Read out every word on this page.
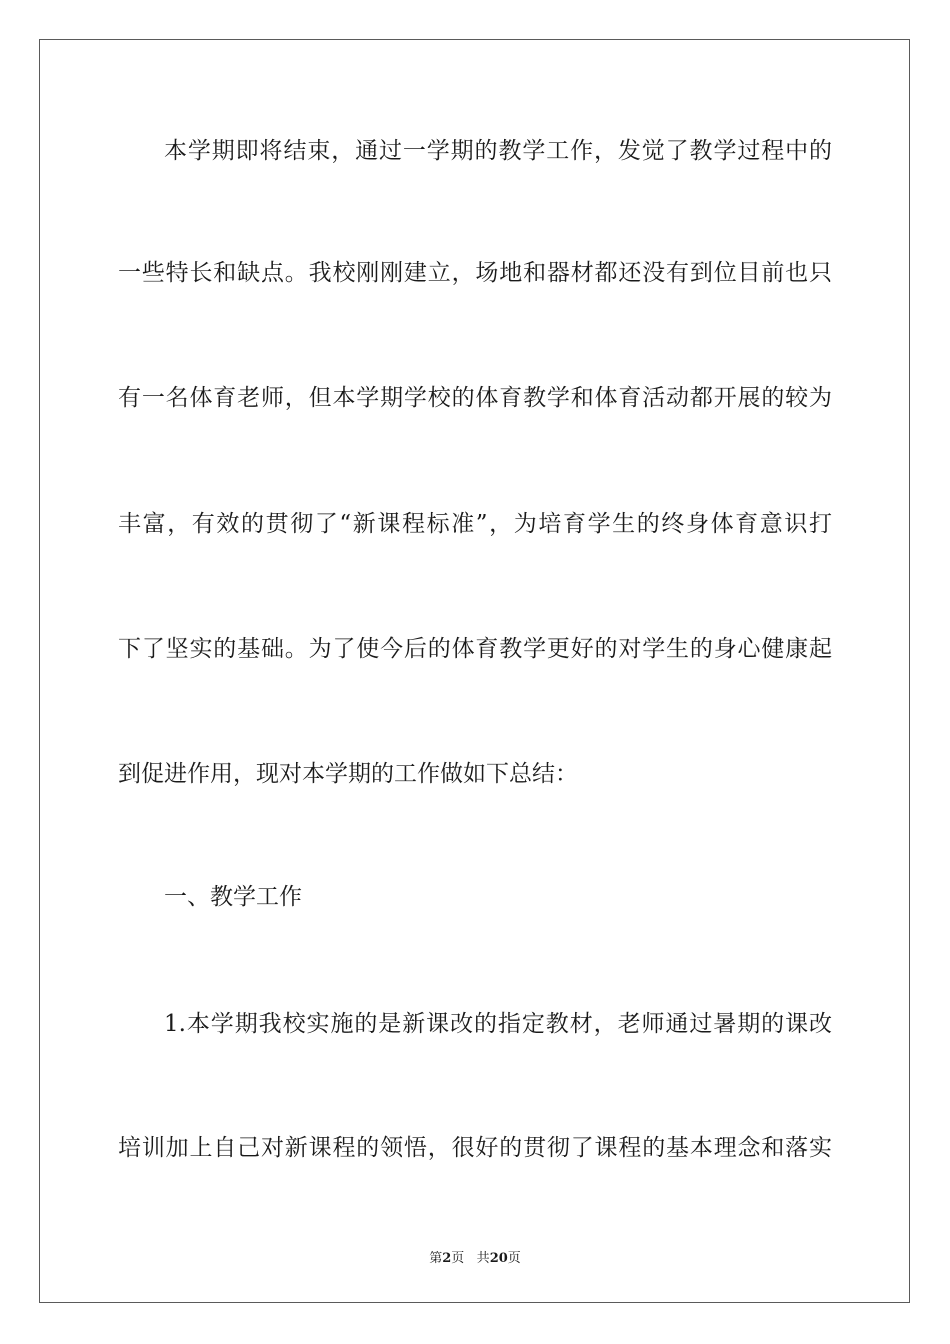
本学期即将结束，通过一学期的教学工作，发觉了教学过程中的
一些特长和缺点。我校刚刚建立，场地和器材都还没有到位目前也只
有一名体育老师，但本学期学校的体育教学和体育活动都开展的较为
丰富，有效的贯彻了“新课程标准”，为培育学生的终身体育意识打
下了坚实的基础。为了使今后的体育教学更好的对学生的身心健康起
到促进作用，现对本学期的工作做如下总结：
一、教学工作
1.本学期我校实施的是新课改的指定教材，老师通过暑期的课改
培训加上自己对新课程的领悟，很好的贯彻了课程的基本理念和落实
第2页 共20页
